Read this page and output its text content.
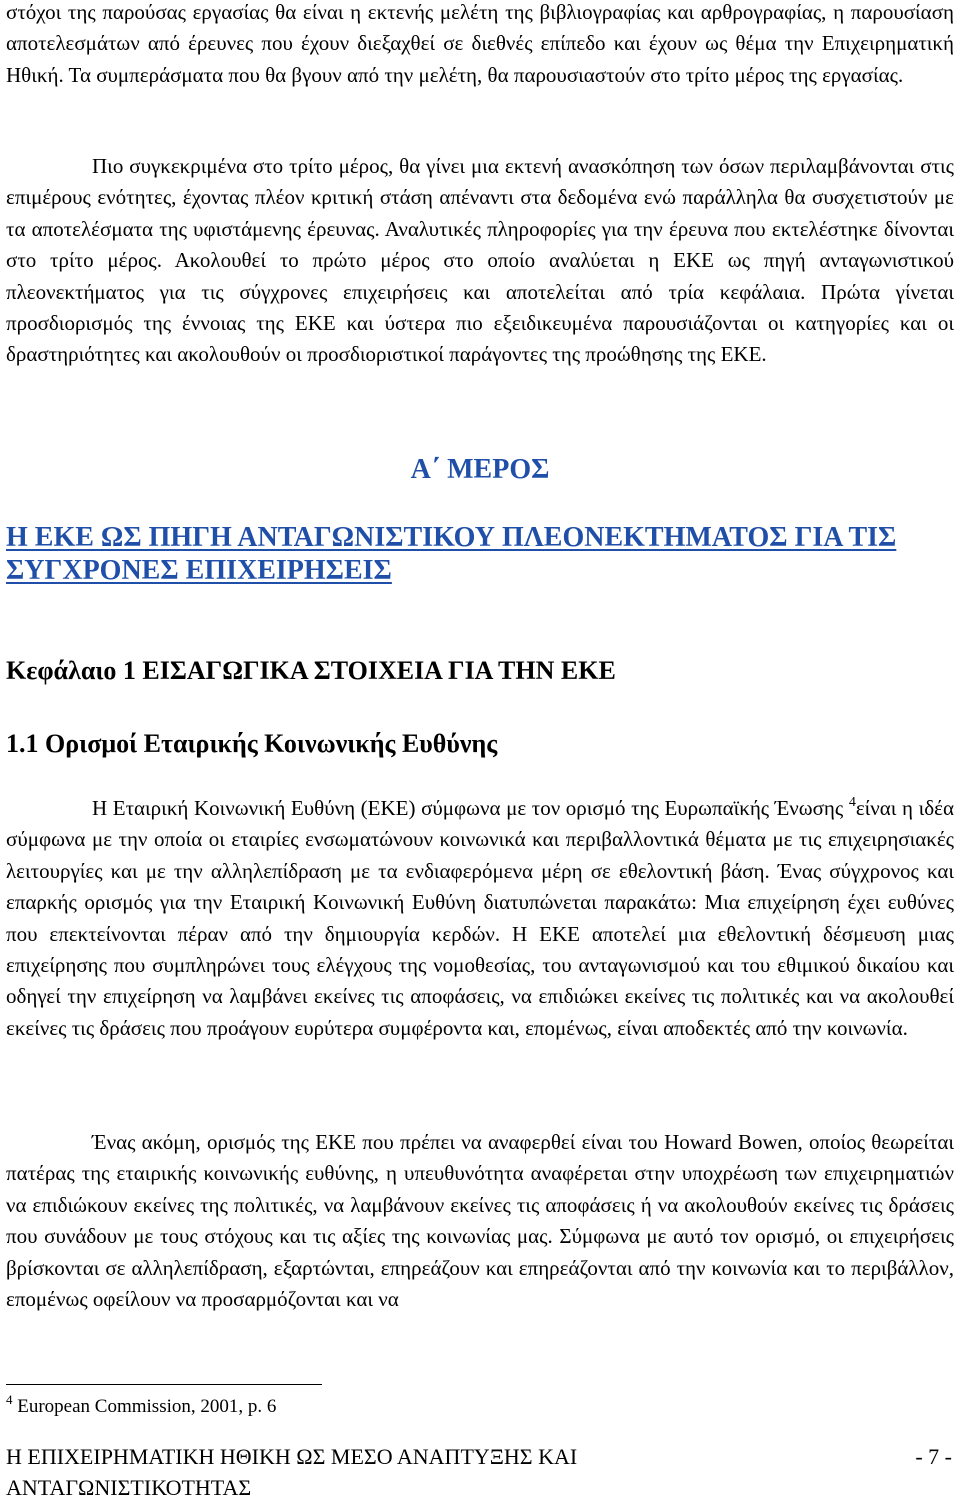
στόχοι της παρούσας εργασίας θα είναι η εκτενής μελέτη της βιβλιογραφίας και αρθρογραφίας, η παρουσίαση αποτελεσμάτων από έρευνες που έχουν διεξαχθεί σε διεθνές επίπεδο και έχουν ως θέμα την Επιχειρηματική Ηθική. Τα συμπεράσματα που θα βγουν από την μελέτη, θα παρουσιαστούν στο τρίτο μέρος της εργασίας.

Πιο συγκεκριμένα στο τρίτο μέρος, θα γίνει μια εκτενή ανασκόπηση των όσων περιλαμβάνονται στις επιμέρους ενότητες, έχοντας πλέον κριτική στάση απέναντι στα δεδομένα ενώ παράλληλα θα συσχετιστούν με τα αποτελέσματα της υφιστάμενης έρευνας. Αναλυτικές πληροφορίες για την έρευνα που εκτελέστηκε δίνονται στο τρίτο μέρος. Ακολουθεί το πρώτο μέρος στο οποίο αναλύεται η ΕΚΕ ως πηγή ανταγωνιστικού πλεονεκτήματος για τις σύγχρονες επιχειρήσεις και αποτελείται από τρία κεφάλαια. Πρώτα γίνεται προσδιορισμός της έννοιας της ΕΚΕ και ύστερα πιο εξειδικευμένα παρουσιάζονται οι κατηγορίες και οι δραστηριότητες και ακολουθούν οι προσδιοριστικοί παράγοντες της προώθησης της ΕΚΕ.

Α΄ ΜΕΡΟΣ
Η ΕΚΕ ΩΣ ΠΗΓΗ ΑΝΤΑΓΩΝΙΣΤΙΚΟΥ ΠΛΕΟΝΕΚΤΗΜΑΤΟΣ ΓΙΑ ΤΙΣ ΣΥΓΧΡΟΝΕΣ ΕΠΙΧΕΙΡΗΣΕΙΣ
Κεφάλαιο 1 ΕΙΣΑΓΩΓΙΚΑ ΣΤΟΙΧΕΙΑ ΓΙΑ ΤΗΝ ΕΚΕ
1.1 Ορισμοί Εταιρικής Κοινωνικής Ευθύνης

Η Εταιρική Κοινωνική Ευθύνη (ΕΚΕ) σύμφωνα με τον ορισμό της Ευρωπαϊκής Ένωσης $^4$είναι η ιδέα σύμφωνα με την οποία οι εταιρίες ενσωματώνουν κοινωνικά και περιβαλλοντικά θέματα με τις επιχειρησιακές λειτουργίες και με την αλληλεπίδραση με τα ενδιαφερόμενα μέρη σε εθελοντική βάση. Ένας σύγχρονος και επαρκής ορισμός για την Εταιρική Κοινωνική Ευθύνη διατυπώνεται παρακάτω: Μια επιχείρηση έχει ευθύνες που επεκτείνονται πέραν από την δημιουργία κερδών. Η ΕΚΕ αποτελεί μια εθελοντική δέσμευση μιας επιχείρησης που συμπληρώνει τους ελέγχους της νομοθεσίας, του ανταγωνισμού και του εθιμικού δικαίου και οδηγεί την επιχείρηση να λαμβάνει εκείνες τις αποφάσεις, να επιδιώκει εκείνες τις πολιτικές και να ακολουθεί εκείνες τις δράσεις που προάγουν ευρύτερα συμφέροντα και, επομένως, είναι αποδεκτές από την κοινωνία.

Ένας ακόμη, ορισμός της ΕΚΕ που πρέπει να αναφερθεί είναι του Howard Bowen, οποίος θεωρείται πατέρας της εταιρικής κοινωνικής ευθύνης, η υπευθυνότητα αναφέρεται στην υποχρέωση των επιχειρηματιών να επιδιώκουν εκείνες της πολιτικές, να λαμβάνουν εκείνες τις αποφάσεις ή να ακολουθούν εκείνες τις δράσεις που συνάδουν με τους στόχους και τις αξίες της κοινωνίας μας. Σύμφωνα με αυτό τον ορισμό, οι επιχειρήσεις βρίσκονται σε αλληλεπίδραση, εξαρτώνται, επηρεάζουν και επηρεάζονται από την κοινωνία και το περιβάλλον, επομένως οφείλουν να προσαρμόζονται και να

$^4$ European Commission, 2001, p. 6
Η ΕΠΙΧΕΙΡΗΜΑΤΙΚΗ ΗΘΙΚΗ ΩΣ ΜΕΣΟ ΑΝΑΠΤΥΞΗΣ ΚΑΙ ΑΝΤΑΓΩΝΙΣΤΙΚΟΤΗΤΑΣ
- 7 -
